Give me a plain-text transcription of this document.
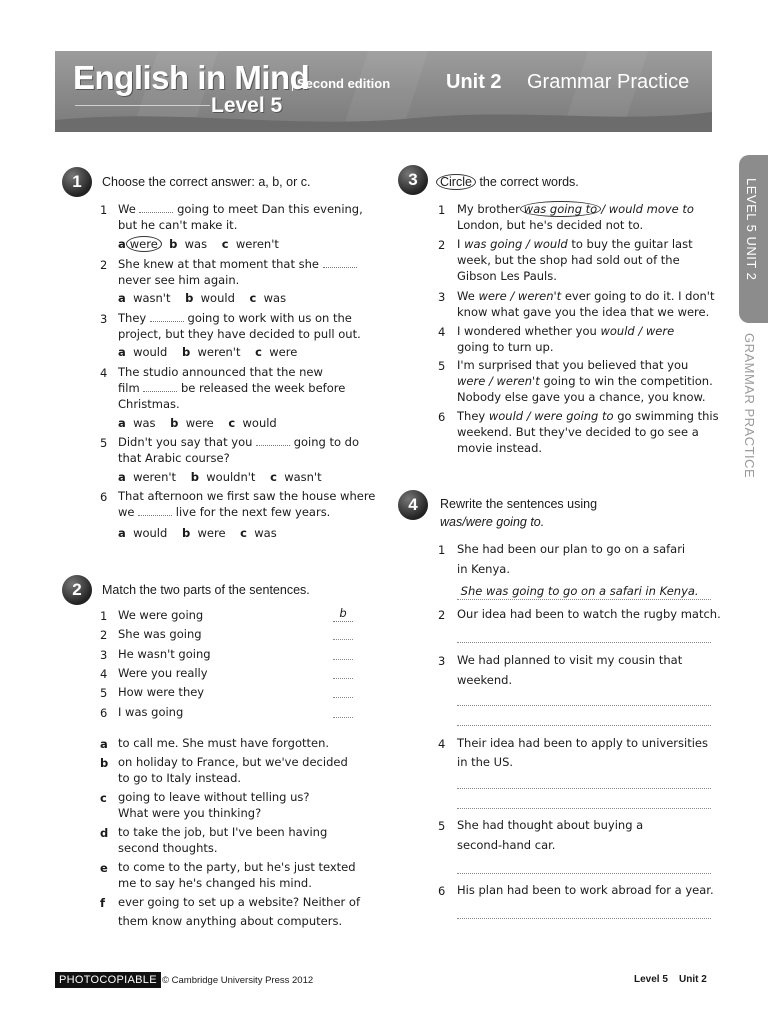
English in Mind
Second edition
Level 5
Unit 2 Grammar Practice
LEVEL 5 UNIT 2
GRAMMAR PRACTICE
1	Choose the correct answer: a, b, or c.
1 We	going to meet Dan this evening,
but he can't make it.
a were b was c weren't
2 She knew at that moment that she
never see him again.
a wasn't b would c was
3 They	going to work with us on the
project, but they have decided to pull out.
a would b weren't c were
4 The studio announced that the new
film	be released the week before
Christmas.
a was b were c would
5 Didn't you say that you	going to do
that Arabic course?
a weren't b wouldn't c wasn't
6 That afternoon we first saw the house where
we	live for the next few years.
a would b were c was
2	Match the two parts of the sentences.
1 We were going	b
2 She was going
3 He wasn't going
4 Were you really
5 How were they
6 I was going
a to call me. She must have forgotten.
b on holiday to France, but we've decided
to go to Italy instead.
c going to leave without telling us?
What were you thinking?
d to take the job, but I've been having
second thoughts.
e to come to the party, but he's just texted
me to say he's changed his mind.
f ever going to set up a website? Neither of
them know anything about computers.
3	Circle the correct words.
1 My brother was going to / would move to
London, but he's decided not to.
2 I was going / would to buy the guitar last
week, but the shop had sold out of the
Gibson Les Pauls.
3 We were / weren't ever going to do it. I don't
know what gave you the idea that we were.
4 I wondered whether you would / were
going to turn up.
5 I'm surprised that you believed that you
were / weren't going to win the competition.
Nobody else gave you a chance, you know.
6 They would / were going to go swimming this
weekend. But they've decided to go see a
movie instead.
4	Rewrite the sentences using
was/were going to.
1 She had been our plan to go on a safari
in Kenya.
She was going to go on a safari in Kenya.
2 Our idea had been to watch the rugby match.
3 We had planned to visit my cousin that
weekend.
4 Their idea had been to apply to universities
in the US.
5 She had thought about buying a
second-hand car.
6 His plan had been to work abroad for a year.
PHOTOCOPIABLE © Cambridge University Press 2012	Level 5    Unit 2
